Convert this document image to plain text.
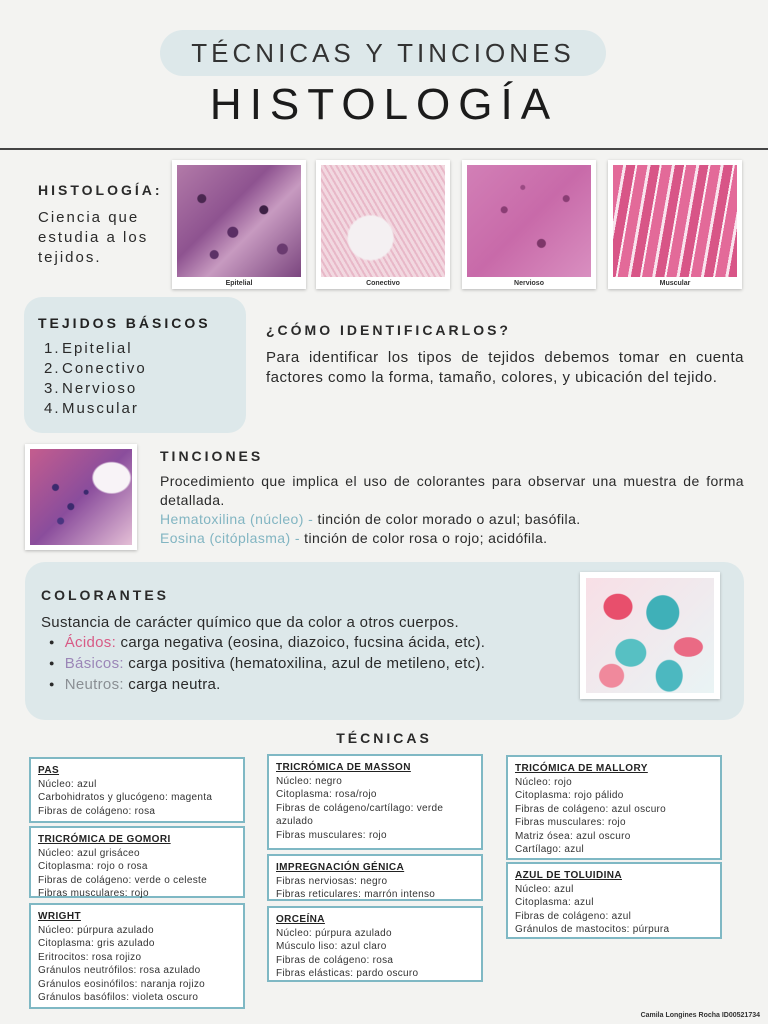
TÉCNICAS Y TINCIONES
HISTOLOGÍA
HISTOLOGÍA:
Ciencia que estudia a los tejidos.
Epitelial	Conectivo	Nervioso	Muscular
TEJIDOS BÁSICOS
1.Epitelial
2.Conectivo
3.Nervioso
4.Muscular
¿CÓMO IDENTIFICARLOS?
Para identificar los tipos de tejidos debemos tomar en cuenta factores como la forma, tamaño, colores, y ubicación del tejido.
TINCIONES
Procedimiento que implica el uso de colorantes para observar una muestra de forma detallada.
Hematoxilina (núcleo) - tinción de color morado o azul; basófila.
Eosina (citóplasma) - tinción de color rosa o rojo; acidófila.
COLORANTES
Sustancia de carácter químico que da color a otros cuerpos.
● Ácidos: carga negativa (eosina, diazoico, fucsina ácida, etc).
● Básicos: carga positiva (hematoxilina, azul de metileno, etc).
● Neutros: carga neutra.
TÉCNICAS
PAS
Núcleo: azul
Carbohidratos y glucógeno: magenta
Fibras de colágeno: rosa
TRICRÓMICA DE GOMORI
Núcleo: azul grisáceo
Citoplasma: rojo o rosa
Fibras de colágeno: verde o celeste
Fibras musculares: rojo
WRIGHT
Núcleo: púrpura azulado
Citoplasma: gris azulado
Eritrocitos: rosa rojizo
Gránulos neutrófilos: rosa azulado
Gránulos eosinófilos: naranja rojizo
Gránulos basófilos: violeta oscuro
TRICRÓMICA DE MASSON
Núcleo: negro
Citoplasma: rosa/rojo
Fibras de colágeno/cartílago: verde
azulado
Fibras musculares: rojo
IMPREGNACIÓN GÉNICA
Fibras nerviosas: negro
Fibras reticulares: marrón intenso
ORCEÍNA
Núcleo: púrpura azulado
Músculo liso: azul claro
Fibras de colágeno: rosa
Fibras elásticas: pardo oscuro
TRICÓMICA DE MALLORY
Núcleo: rojo
Citoplasma: rojo pálido
Fibras de colágeno: azul oscuro
Fibras musculares: rojo
Matriz ósea: azul oscuro
Cartílago: azul
AZUL DE TOLUIDINA
Núcleo: azul
Citoplasma: azul
Fibras de colágeno: azul
Gránulos de mastocitos: púrpura
Camila Longines Rocha ID00521734
